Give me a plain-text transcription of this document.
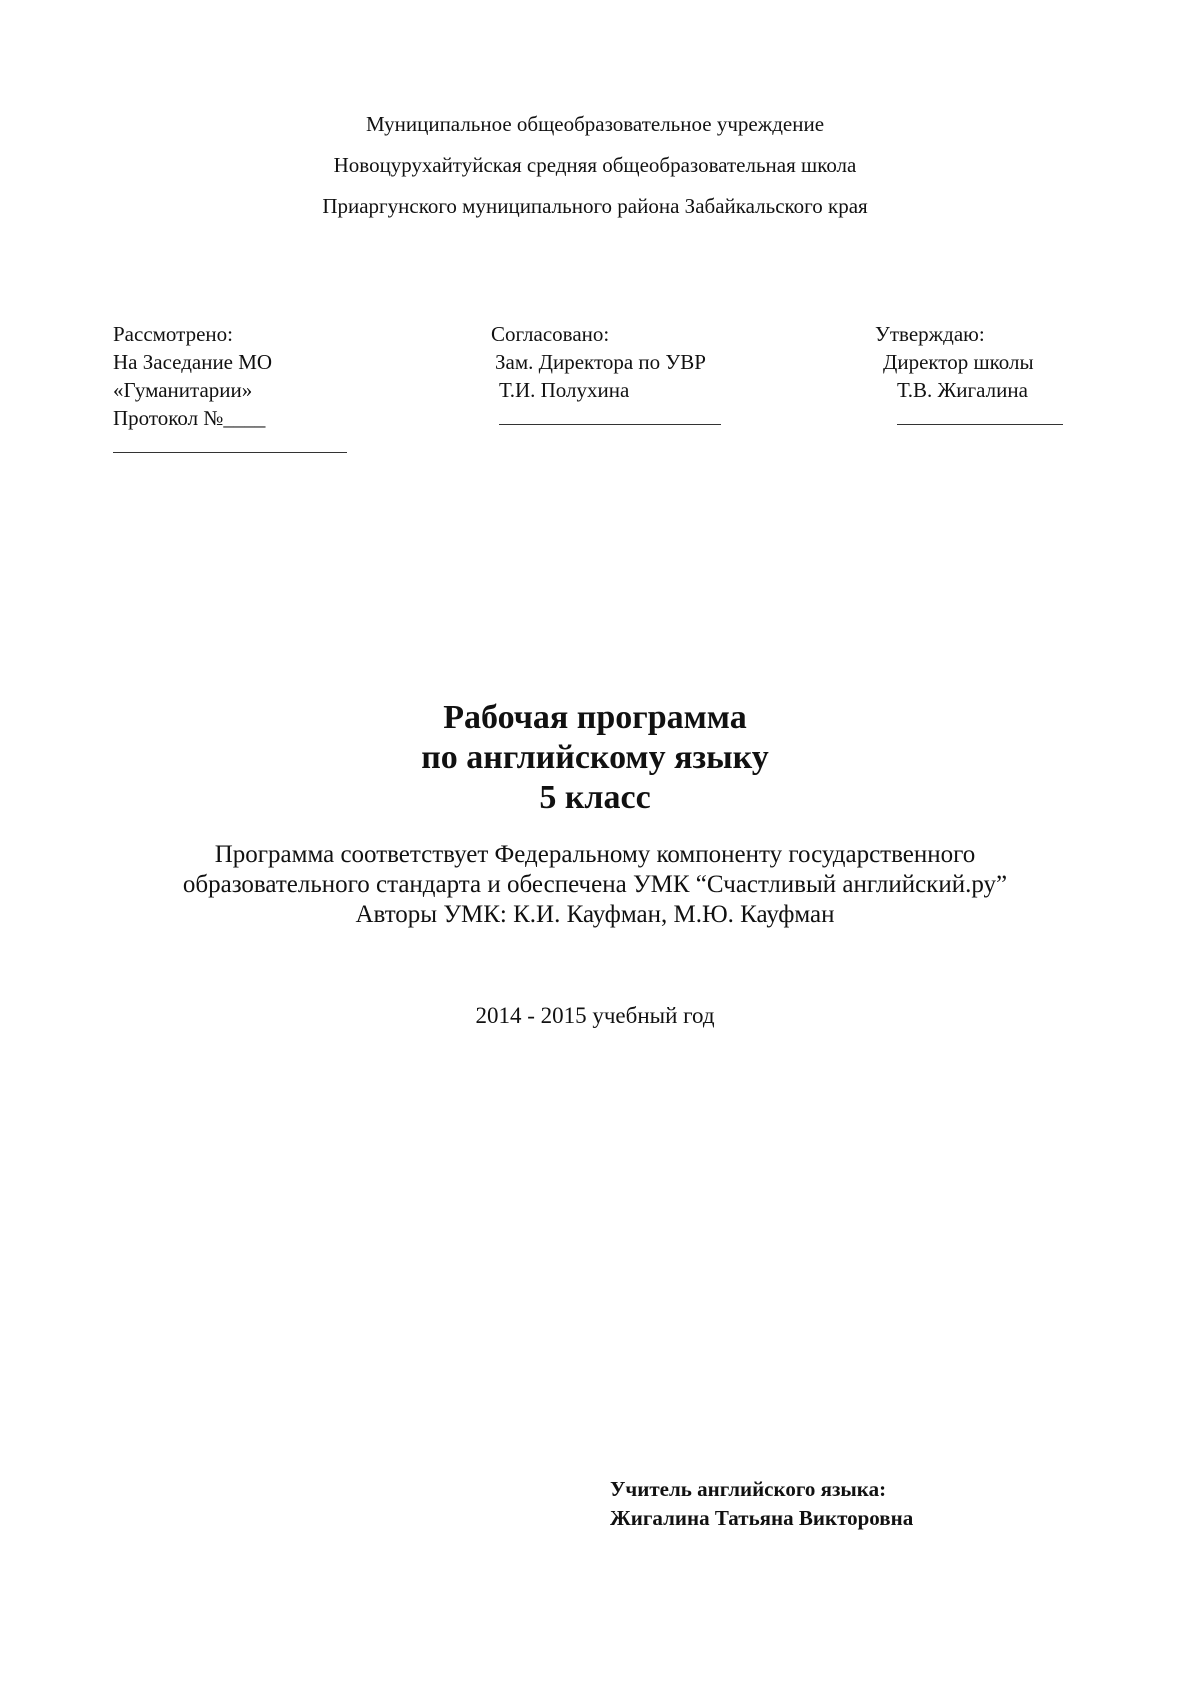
Муниципальное общеобразовательное учреждение
Новоцурухайтуйская средняя общеобразовательная школа
Приаргунского муниципального района Забайкальского края
Рассмотрено:
На Заседание МО
«Гуманитарии»
Протокол №____
Согласовано:
Зам. Директора по УВР
Т.И. Полухина
Утверждаю:
Директор школы
Т.В. Жигалина
Рабочая программа
по английскому языку
5 класс
Программа соответствует Федеральному компоненту государственного
образовательного стандарта и обеспечена УМК “Счастливый английский.ру”
Авторы УМК: К.И. Кауфман, М.Ю. Кауфман
2014 - 2015 учебный год
Учитель английского языка:
Жигалина Татьяна Викторовна
